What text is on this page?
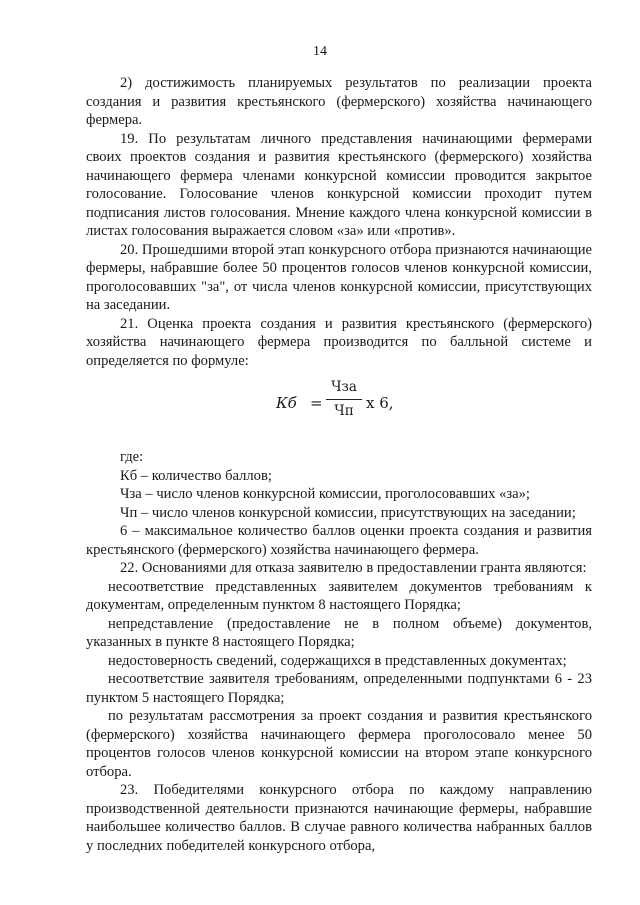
14

2) достижимость планируемых результатов по реализации проекта создания и развития крестьянского (фермерского) хозяйства начинающего фермера.

19. По результатам личного представления начинающими фермерами своих проектов создания и развития крестьянского (фермерского) хозяйства начинающего фермера членами конкурсной комиссии проводится закрытое голосование. Голосование членов конкурсной комиссии проходит путем подписания листов голосования. Мнение каждого члена конкурсной комиссии в листах голосования выражается словом «за» или «против».

20. Прошедшими второй этап конкурсного отбора признаются начинающие фермеры, набравшие более 50 процентов голосов членов конкурсной комиссии, проголосовавших "за", от числа членов конкурсной комиссии, присутствующих на заседании.

21. Оценка проекта создания и развития крестьянского (фермерского) хозяйства начинающего фермера производится по балльной системе и определяется по формуле:

Кб =
Чза
Чп х 6,

где:

Кб – количество баллов;

Чза – число членов конкурсной комиссии, проголосовавших «за»;

Чп – число членов конкурсной комиссии, присутствующих на заседании;

6 – максимальное количество баллов оценки проекта создания и развития крестьянского (фермерского) хозяйства начинающего фермера.

22. Основаниями для отказа заявителю в предоставлении гранта являются:

несоответствие представленных заявителем документов требованиям к документам, определенным пунктом 8 настоящего Порядка;

непредставление (предоставление не в полном объеме) документов, указанных в пункте 8 настоящего Порядка;

недостоверность сведений, содержащихся в представленных документах;

несоответствие заявителя требованиям, определенными подпунктами 6 - 23 пунктом 5 настоящего Порядка;

по результатам рассмотрения за проект создания и развития крестьянского (фермерского) хозяйства начинающего фермера проголосовало менее 50 процентов голосов членов конкурсной комиссии на втором этапе конкурсного отбора.

23. Победителями конкурсного отбора по каждому направлению производственной деятельности признаются начинающие фермеры, набравшие наибольшее количество баллов. В случае равного количества набранных баллов у последних победителей конкурсного отбора,
